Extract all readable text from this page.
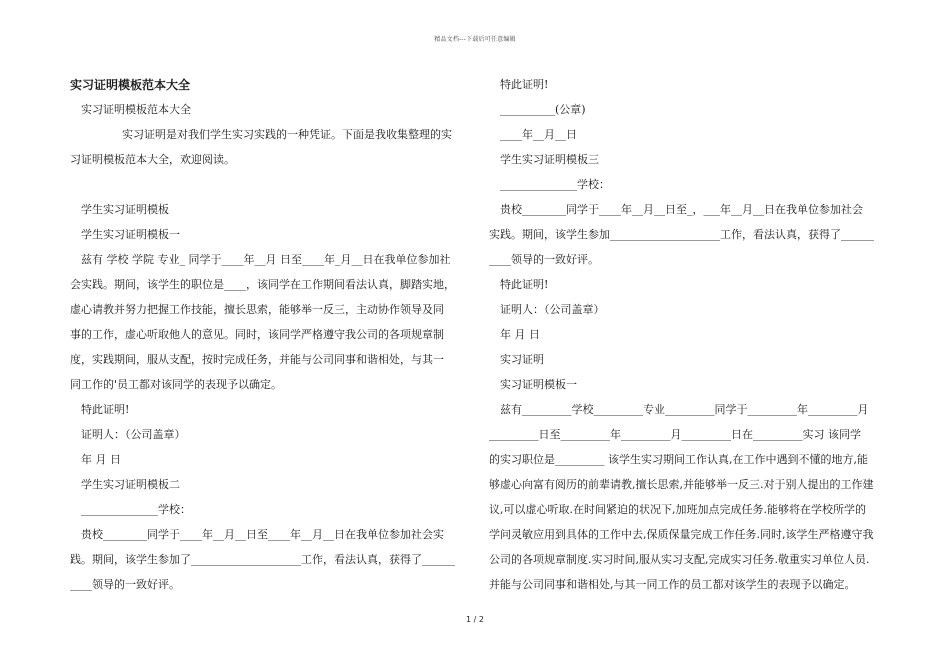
精品文档---下载后可任意编辑
实习证明模板范本大全
实习证明模板范本大全
实习证明是对我们学生实习实践的一种凭证。下面是我收集整理的实
习证明模板范本大全，欢迎阅读。
学生实习证明模板
学生实习证明模板一
兹有 学校 学院 专业_ 同学于____年__月 日至____年_月__日在我单位参加社
会实践。期间，该学生的职位是____，该同学在工作期间看法认真，脚踏实地，
虚心请教并努力把握工作技能，擅长思索，能够举一反三，主动协作领导及同
事的工作，虚心听取他人的意见。同时，该同学严格遵守我公司的各项规章制
度，实践期间，服从支配，按时完成任务，并能与公司同事和谐相处，与其一
同工作的'员工都对该同学的表现予以确定。
特此证明!
证明人：（公司盖章）
年 月 日
学生实习证明模板二
______________学校：
贵校________同学于____年__月__日至____年__月__日在我单位参加社会实
践。期间，该学生参加了____________________工作，看法认真，获得了______
____领导的一致好评。
特此证明!
__________(公章)
____年__月__日
学生实习证明模板三
______________学校：
贵校________同学于____年__月__日至_，___年__月__日在我单位参加社会
实践。期间，该学生参加____________________工作，看法认真，获得了______
____领导的一致好评。
特此证明!
证明人：（公司盖章）
年 月 日
实习证明
实习证明模板一
兹有_________学校_________专业_________同学于_________年_________月
_________日至_________年_________月_________日在_________实习 该同学
的实习职位是_________ 该学生实习期间工作认真,在工作中遇到不懂的地方,能
够虚心向富有阅历的前辈请教,擅长思索,并能够举一反三.对于别人提出的工作建
议,可以虚心听取.在时间紧迫的状况下,加班加点完成任务.能够将在学校所学的
学问灵敏应用到具体的工作中去,保质保量完成工作任务.同时,该学生严格遵守我
公司的各项规章制度.实习时间,服从实习支配,完成实习任务.敬重实习单位人员.
并能与公司同事和谐相处,与其一同工作的员工都对该学生的表现予以确定。
1 / 2
